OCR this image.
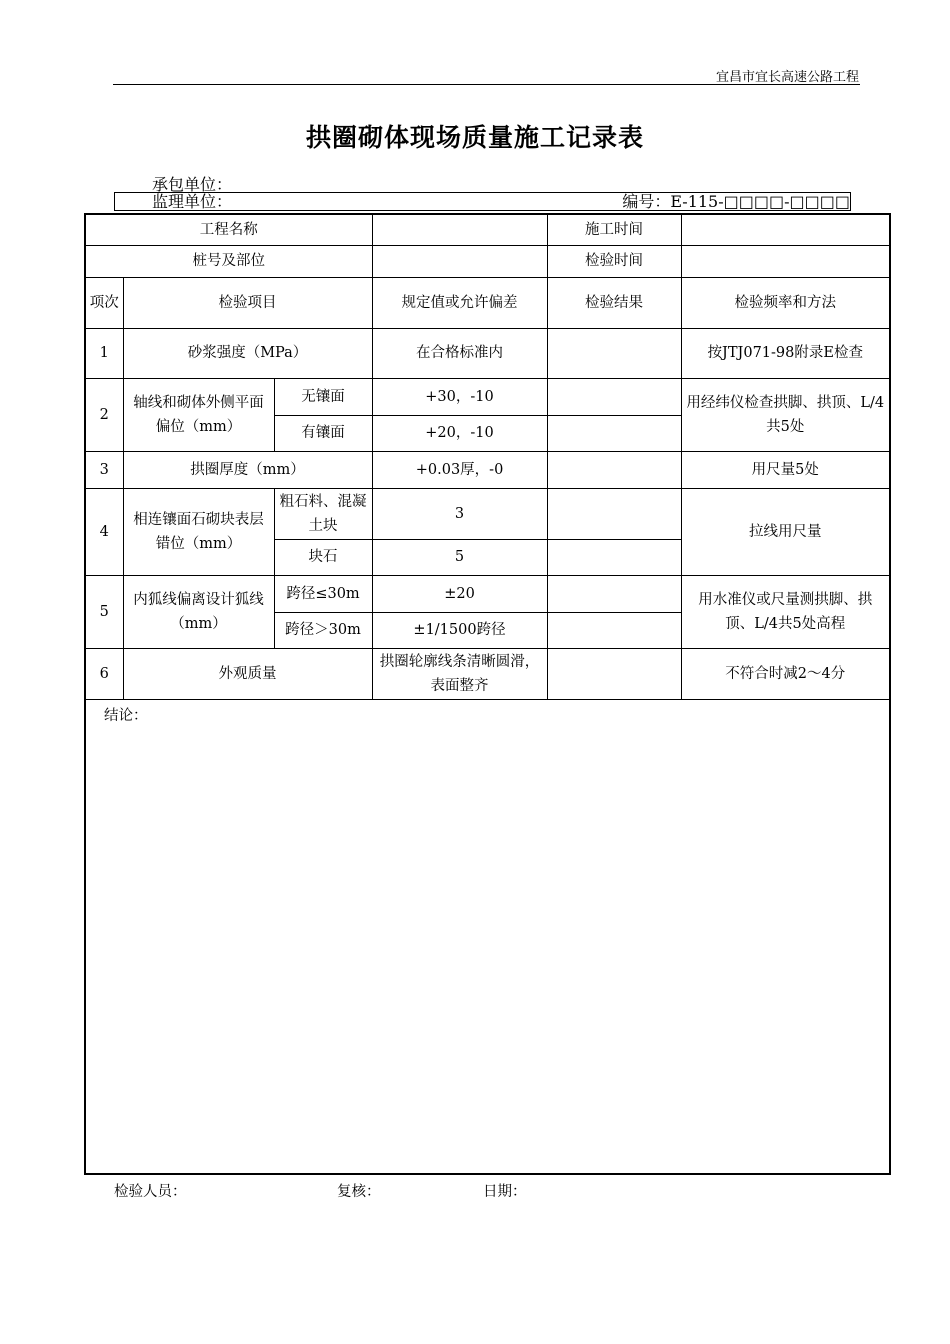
宜昌市宜长高速公路工程
拱圈砌体现场质量施工记录表
承包单位：
监理单位：	编号：E-115-□□□□-□□□□
工程名称				施工时间	
桩号及部位				检验时间	
项次	检验项目		规定值或允许偏差	检验结果	检验频率和方法
1	砂浆强度（MPa）		在合格标准内		按JTJ071-98附录E检查
2	轴线和砌体外侧平面偏位（mm）	无镶面	+30，-10		用经纬仪检查拱脚、拱顶、L/4共5处
		有镶面	+20，-10		
3	拱圈厚度（mm）		+0.03厚，-0		用尺量5处
4	相连镶面石砌块表层错位（mm）	粗石料、混凝土块	3		拉线用尺量
		块石	5		
5	内狐线偏离设计狐线（mm）	跨径≤30m	±20		用水准仪或尺量测拱脚、拱顶、L/4共5处高程
		跨径＞30m	±1/1500跨径		
6	外观质量		拱圈轮廓线条清晰圆滑，表面整齐		不符合时减2～4分
结论：					
检验人员：	复核：	日期：
